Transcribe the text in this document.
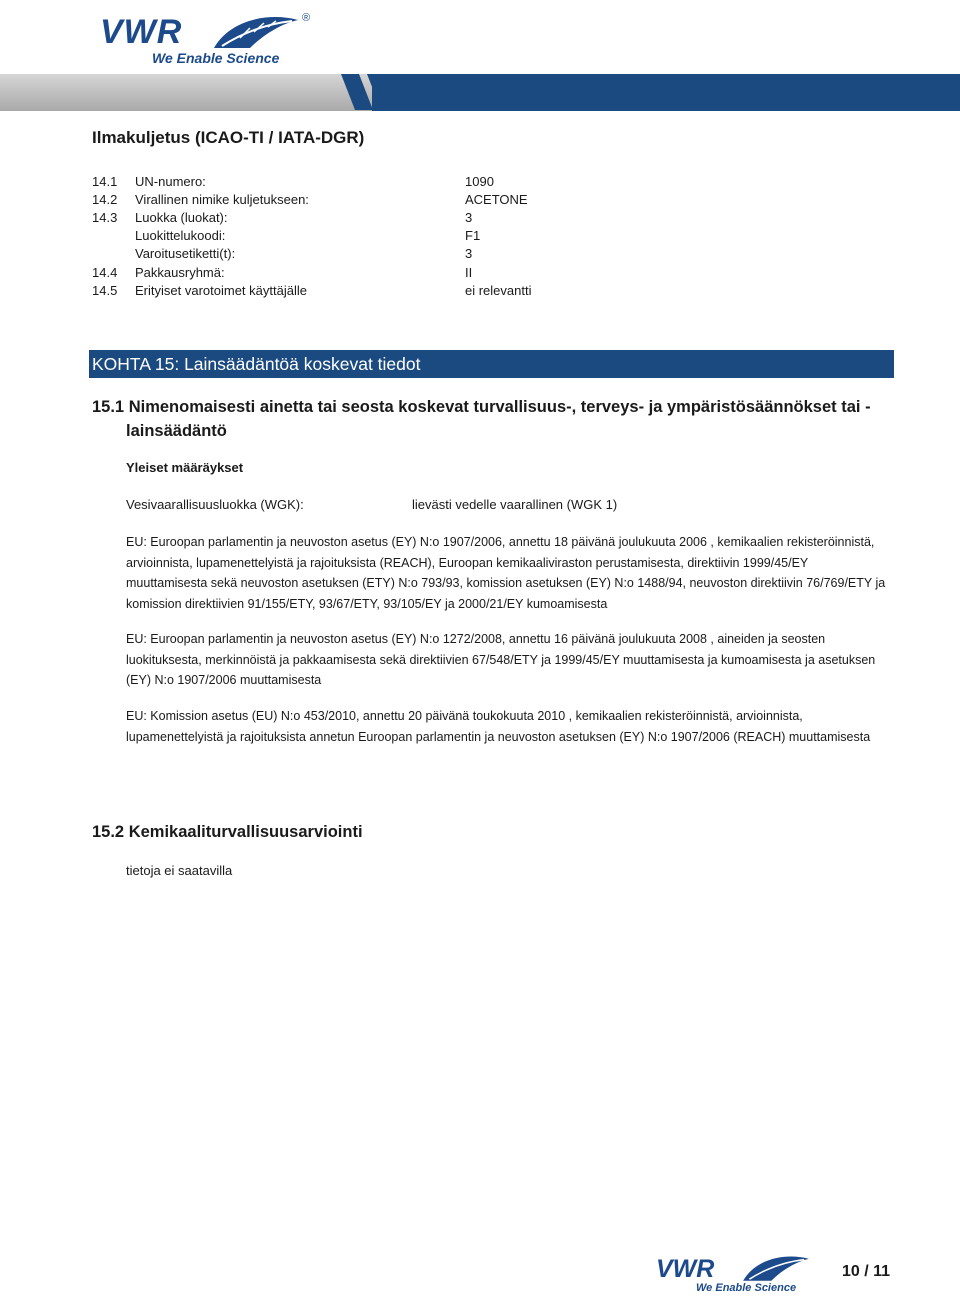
VWR	®
We Enable Science
Ilmakuljetus (ICAO-TI / IATA-DGR)
14.1 UN-numero:	1090
14.2 Virallinen nimike kuljetukseen:	ACETONE
14.3 Luokka (luokat):	3
Luokittelukoodi:	F1
Varoitusetiketti(t):	3
14.4 Pakkausryhmä:	II
14.5 Erityiset varotoimet käyttäjälle	ei relevantti
KOHTA 15: Lainsäädäntöä koskevat tiedot
15.1 Nimenomaisesti ainetta tai seosta koskevat turvallisuus-, terveys- ja ympäristösäännökset tai -lainsäädäntö
Yleiset määräykset
Vesivaarallisuusluokka (WGK):	lievästi vedelle vaarallinen (WGK 1)
EU: Euroopan parlamentin ja neuvoston asetus (EY) N:o 1907/2006, annettu 18 päivänä joulukuuta 2006 , kemikaalien rekisteröinnistä, arvioinnista, lupamenettelyistä ja rajoituksista (REACH), Euroopan kemikaaliviraston perustamisesta, direktiivin 1999/45/EY muuttamisesta sekä neuvoston asetuksen (ETY) N:o 793/93, komission asetuksen (EY) N:o 1488/94, neuvoston direktiivin 76/769/ETY ja komission direktiivien 91/155/ETY, 93/67/ETY, 93/105/EY ja 2000/21/EY kumoamisesta
EU: Euroopan parlamentin ja neuvoston asetus (EY) N:o 1272/2008, annettu 16 päivänä joulukuuta 2008 , aineiden ja seosten luokituksesta, merkinnöistä ja pakkaamisesta sekä direktiivien 67/548/ETY ja 1999/45/EY muuttamisesta ja kumoamisesta ja asetuksen (EY) N:o 1907/2006 muuttamisesta
EU: Komission asetus (EU) N:o 453/2010, annettu 20 päivänä toukokuuta 2010 , kemikaalien rekisteröinnistä, arvioinnista, lupamenettelyistä ja rajoituksista annetun Euroopan parlamentin ja neuvoston asetuksen (EY) N:o 1907/2006 (REACH) muuttamisesta
15.2 Kemikaaliturvallisuusarviointi
tietoja ei saatavilla
VWR
We Enable Science
10 / 11
